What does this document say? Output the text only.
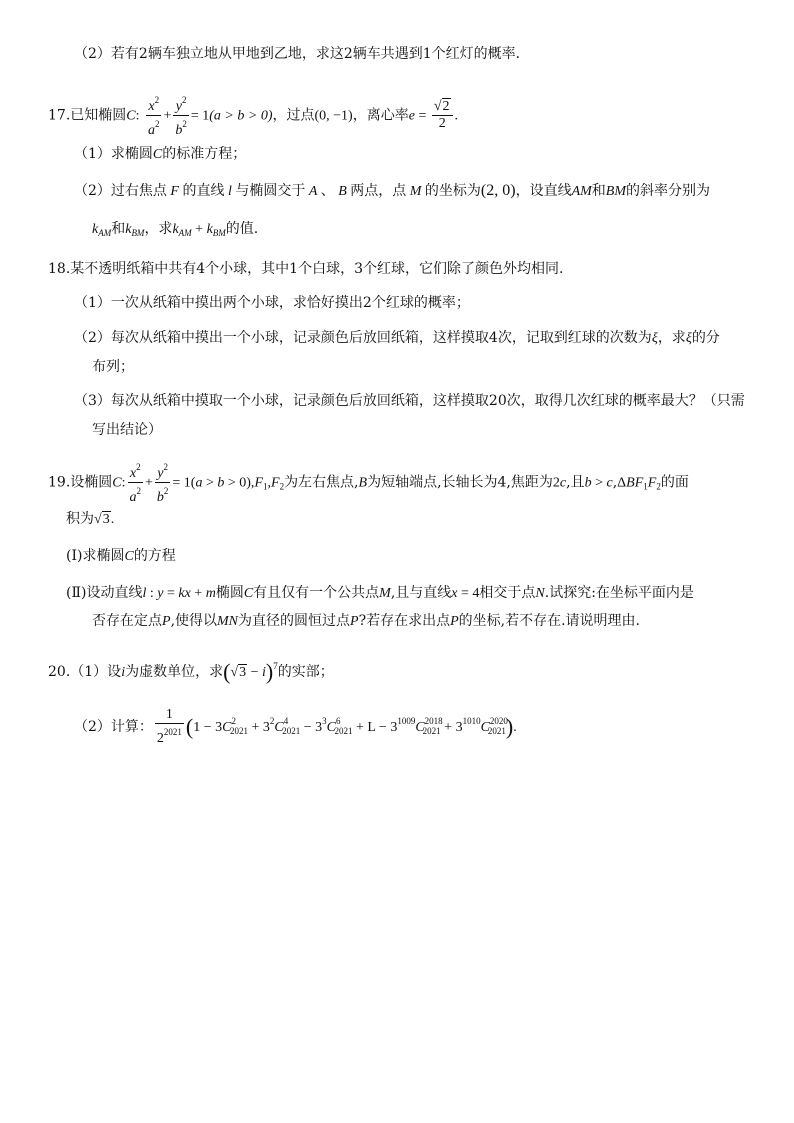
（2）若有2辆车独立地从甲地到乙地，求这2辆车共遇到1个红灯的概率．
17.已知椭圆C: $\frac{x^2}{a^2} + \frac{y^2}{b^2} = 1(a > b > 0)$，过点(0, −1)，离心率$e = \frac{√2}{2}$ .
（1）求椭圆C的标准方程；
（2）过右焦点 F 的直线 l 与椭圆交于 A 、 B 两点，点 M 的坐标为(2, 0)，设直线AM和BM的斜率分别为
$k_{AM}$和$k_{BM}$，求$k_{AM} + k_{BM}$的值.
18.某不透明纸箱中共有4个小球，其中1个白球，3个红球，它们除了颜色外均相同.
（1）一次从纸箱中摸出两个小球，求恰好摸出2个红球的概率；
（2）每次从纸箱中摸出一个小球，记录颜色后放回纸箱，这样摸取4次，记取到红球的次数为ξ，求ξ的分
布列；
（3）每次从纸箱中摸取一个小球，记录颜色后放回纸箱，这样摸取20次，取得几次红球的概率最大？（只需
写出结论）
19.设椭圆C: $\frac{x^2}{a^2} + \frac{y^2}{b^2} = 1(a > b > 0),F_1,F_2$为左右焦点,B为短轴端点,长轴长为4,焦距为2c,且$b > c,\Delta BF_1F_2$的面
积为√3.
(Ⅰ)求椭圆C的方程
(Ⅱ)设动直线l : y = kx + m椭圆C有且仅有一个公共点M,且与直线x = 4相交于点N.试探究:在坐标平面内是
否存在定点P,使得以MN为直径的圆恒过点P?若存在求出点P的坐标,若不存在.请说明理由.
20.（1）设i为虚数单位，求$(√3 - i)^7$的实部；
（2）计算： $\frac{1}{2^{2021}} (1 - 3C^2_{2021} + 3^2C^4_{2021} - 3^3C^6_{2021} + L - 3^{1009}C^{2018}_{2021} + 3^{1010}C^{2020}_{2021})$.
